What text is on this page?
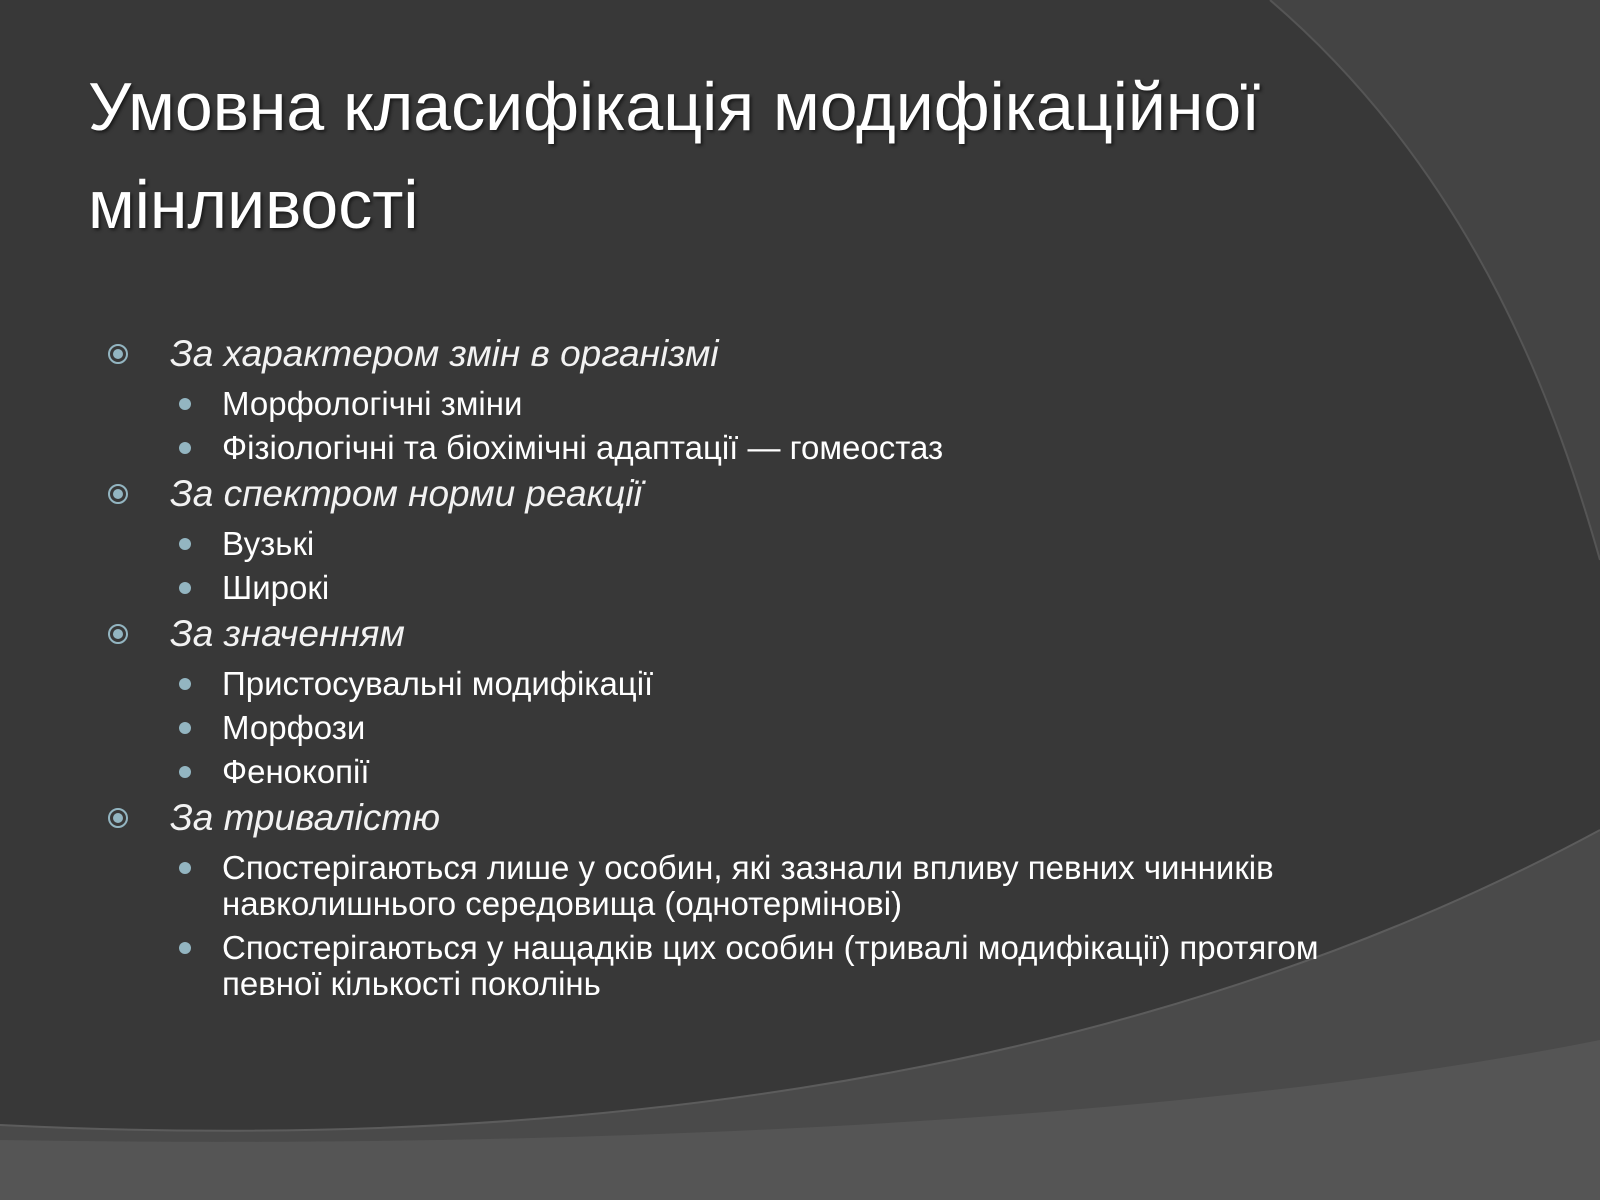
Умовна класифікація модифікаційної мінливості
За характером змін в організмі
Морфологічні зміни
Фізіологічні та біохімічні адаптації — гомеостаз
За спектром норми реакції
Вузькі
Широкі
За значенням
Пристосувальні модифікації
Морфози
Фенокопії
За тривалістю
Спостерігаються лише у особин, які зазнали впливу певних чинників навколишнього середовища (однотермінові)
Спостерігаються у нащадків цих особин (тривалі модифікації) протягом певної кількості поколінь
